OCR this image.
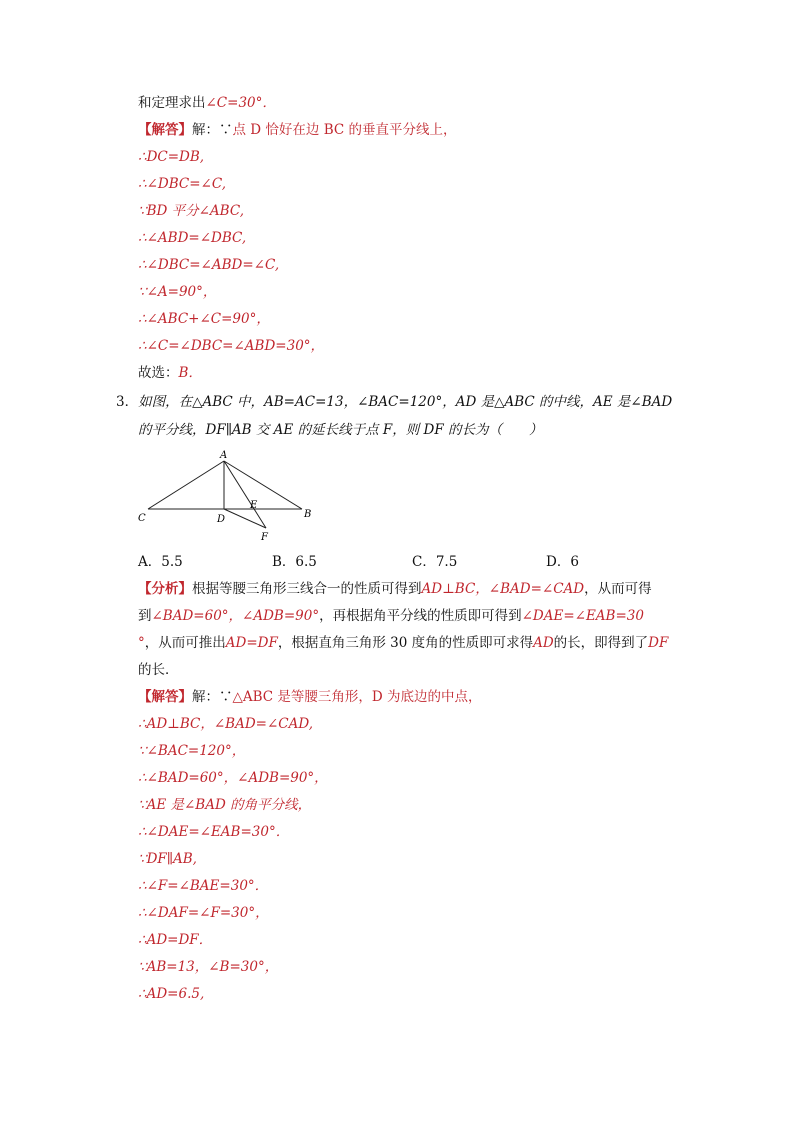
和定理求出∠C=30°．
【解答】解：∵点 D 恰好在边 BC 的垂直平分线上，
∴DC=DB,
∴∠DBC=∠C,
∵BD 平分∠ABC,
∴∠ABD=∠DBC,
∴∠DBC=∠ABD=∠C,
∵∠A=90°，
∴∠ABC+∠C=90°，
∴∠C=∠DBC=∠ABD=30°，
故选：B．
3．如图，在△ABC 中，AB=AC=13，∠BAC=120°，AD 是△ABC 的中线，AE 是∠BAD
的平分线，DF∥AB 交 AE 的延长线于点 F，则 DF 的长为（　　）
A
B
C	D
E
F
A．5.5	B．6.5	C．7.5	D．6
【分析】根据等腰三角形三线合一的性质可得到AD⊥BC，∠BAD=∠CAD，从而可得
到∠BAD=60°，∠ADB=90°，再根据角平分线的性质即可得到∠DAE=∠EAB=30
°，从而可推出AD=DF，根据直角三角形 30 度角的性质即可求得AD的长，即得到了DF
的长．
【解答】解：∵△ABC 是等腰三角形，D 为底边的中点，
∴AD⊥BC，∠BAD=∠CAD,
∵∠BAC=120°，
∴∠BAD=60°，∠ADB=90°，
∵AE 是∠BAD 的角平分线，
∴∠DAE=∠EAB=30°．
∵DF∥AB,
∴∠F=∠BAE=30°．
∴∠DAF=∠F=30°，
∴AD=DF．
∵AB=13，∠B=30°，
∴AD=6.5,
